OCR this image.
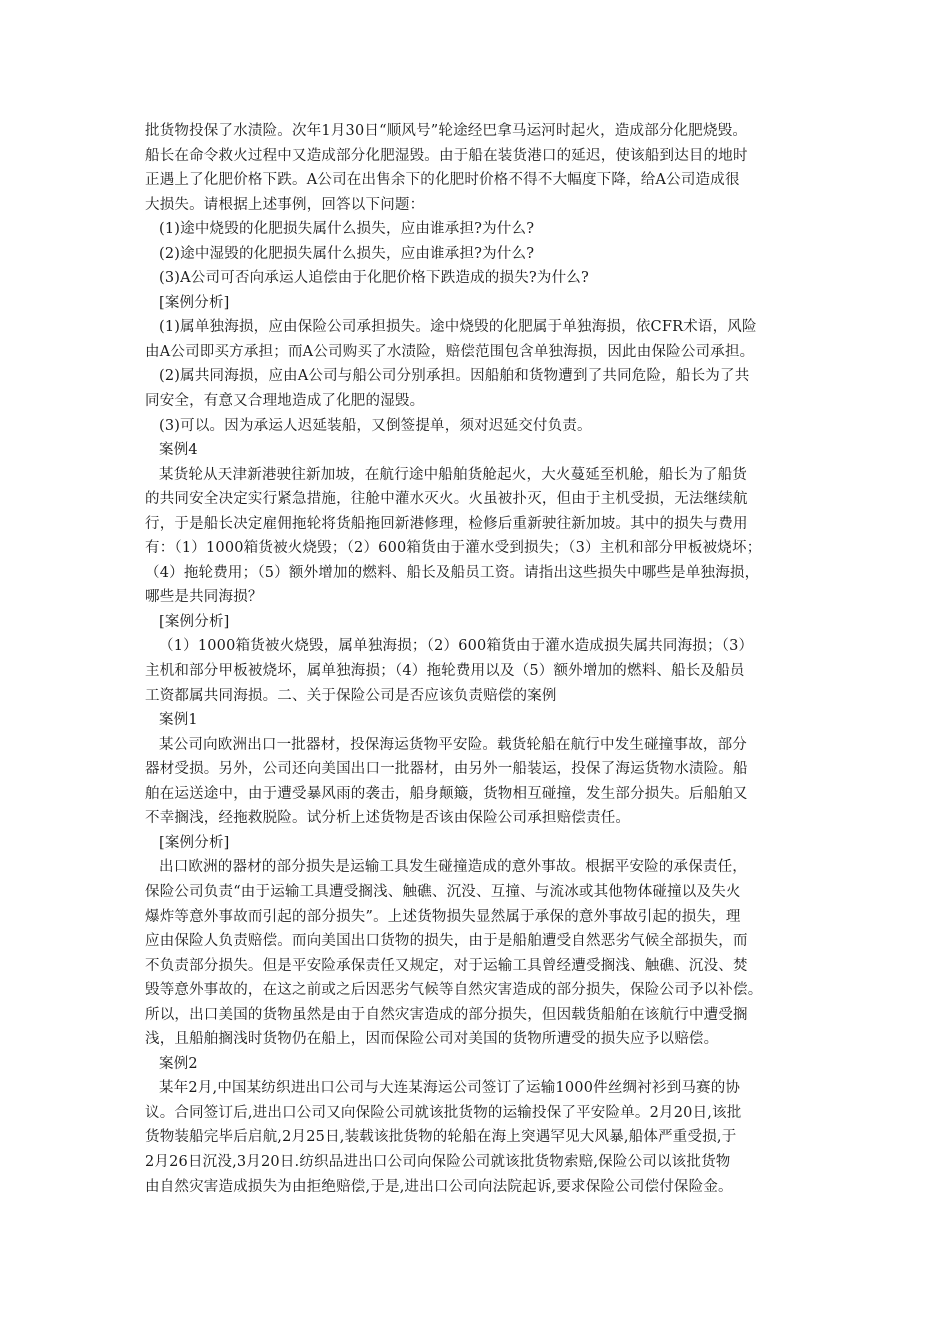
批货物投保了水渍险。次年1月30日“顺风号”轮途经巴拿马运河时起火，造成部分化肥烧毁。
船长在命令救火过程中又造成部分化肥湿毁。由于船在装货港口的延迟，使该船到达目的地时
正遇上了化肥价格下跌。A公司在出售余下的化肥时价格不得不大幅度下降，给A公司造成很
大损失。请根据上述事例，回答以下问题：
(1)途中烧毁的化肥损失属什么损失，应由谁承担?为什么?
(2)途中湿毁的化肥损失属什么损失，应由谁承担?为什么?
(3)A公司可否向承运人追偿由于化肥价格下跌造成的损失?为什么?
[案例分析]
(1)属单独海损，应由保险公司承担损失。途中烧毁的化肥属于单独海损，依CFR术语，风险
由A公司即买方承担；而A公司购买了水渍险，赔偿范围包含单独海损，因此由保险公司承担。
(2)属共同海损，应由A公司与船公司分别承担。因船舶和货物遭到了共同危险，船长为了共
同安全，有意又合理地造成了化肥的湿毁。
(3)可以。因为承运人迟延装船，又倒签提单，须对迟延交付负责。
案例4
某货轮从天津新港驶往新加坡，在航行途中船舶货舱起火，大火蔓延至机舱，船长为了船货
的共同安全决定实行紧急措施，往舱中灌水灭火。火虽被扑灭，但由于主机受损，无法继续航
行，于是船长决定雇佣拖轮将货船拖回新港修理，检修后重新驶往新加坡。其中的损失与费用
有：（1）1000箱货被火烧毁；（2）600箱货由于灌水受到损失；（3）主机和部分甲板被烧坏；
（4）拖轮费用；（5）额外增加的燃料、船长及船员工资。请指出这些损失中哪些是单独海损，
哪些是共同海损？
[案例分析]
（1）1000箱货被火烧毁，属单独海损；（2）600箱货由于灌水造成损失属共同海损；（3）
主机和部分甲板被烧坏，属单独海损；（4）拖轮费用以及（5）额外增加的燃料、船长及船员
工资都属共同海损。二、关于保险公司是否应该负责赔偿的案例
案例1
某公司向欧洲出口一批器材，投保海运货物平安险。载货轮船在航行中发生碰撞事故，部分
器材受损。另外，公司还向美国出口一批器材，由另外一船装运，投保了海运货物水渍险。船
舶在运送途中，由于遭受暴风雨的袭击，船身颠簸，货物相互碰撞，发生部分损失。后船舶又
不幸搁浅，经拖救脱险。试分析上述货物是否该由保险公司承担赔偿责任。
[案例分析]
出口欧洲的器材的部分损失是运输工具发生碰撞造成的意外事故。根据平安险的承保责任，
保险公司负责“由于运输工具遭受搁浅、触礁、沉没、互撞、与流冰或其他物体碰撞以及失火
爆炸等意外事故而引起的部分损失”。上述货物损失显然属于承保的意外事故引起的损失，理
应由保险人负责赔偿。而向美国出口货物的损失，由于是船舶遭受自然恶劣气候全部损失，而
不负责部分损失。但是平安险承保责任又规定，对于运输工具曾经遭受搁浅、触礁、沉没、焚
毁等意外事故的，在这之前或之后因恶劣气候等自然灾害造成的部分损失，保险公司予以补偿。
所以，出口美国的货物虽然是由于自然灾害造成的部分损失，但因载货船舶在该航行中遭受搁
浅，且船舶搁浅时货物仍在船上，因而保险公司对美国的货物所遭受的损失应予以赔偿。
案例2
某年2月,中国某纺织进出口公司与大连某海运公司签订了运输1000件丝绸衬衫到马赛的协
议。合同签订后,进出口公司又向保险公司就该批货物的运输投保了平安险单。2月20日,该批
货物装船完毕后启航,2月25日,装载该批货物的轮船在海上突遇罕见大风暴,船体严重受损,于
2月26日沉没,3月20日.纺织品进出口公司向保险公司就该批货物索赔,保险公司以该批货物
由自然灾害造成损失为由拒绝赔偿,于是,进出口公司向法院起诉,要求保险公司偿付保险金。
